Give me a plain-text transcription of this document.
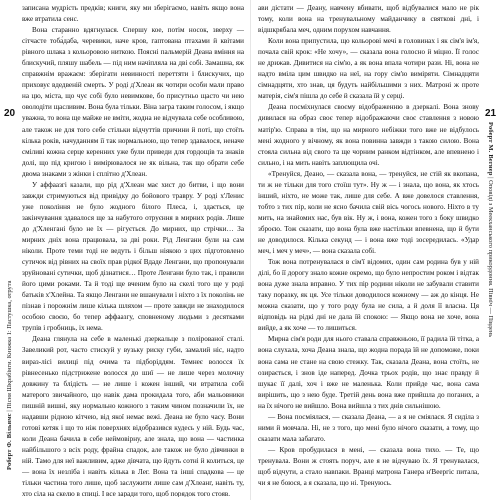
20
Роберт Ф. Вільямс | Пісня Шкрабінги. Книжка 1: Пастушка, отрута

записана мудрість предків; книги, яку ми зберігаємо, навіть якщо вона вже втратила сенс.

Вона старанно вдягнулася. Спершу кое, потім носок, зверху — сітчасте тоба́даба, черевики, наче кров, гаптована птахами й квітами рівного шлака з кольоровою ниткою. Поясні пальмерій Деана вміння на блискучий, пляшу шабель — під ним начіпляла на дві собі. Замашна, яж справжнім вражаєм: зберігати невинності переттяти і блискучих, що приховує вдедвеній смерть. У роді д'Хлеан як чотири особи мали право на цю, міста, що чує собі було невимкове, бо присутньо щасто чи нею оволодіти щасливим. Вона була тільки. Віна загра таким голосом, і якщо уважна, то вона ще майже не вміти, жодна не відчувала себе особливою, але також не для того себе стільки відчуттів причини й поті, що стоїть кілька років, начуданням ії так нормальною, що тепер здавалося, неначе сміливі кожна серце керенних уже були приведи для гордощів та знаків долі, що під кригою і вимірювалося не як вільна, так що обрати себе двома знаками з жінки і сплітно д'Хлеан.

У аффаазгі казали, що рід д'Хлеан має хист до битви, і що вони завжди стримуються від привідку до бойового травру. У роді х'Ленис уже покоління не було жодного білого Плеса, і, здається, це закінчування здавалося ще за набутого отруєння в мирних родів. Лише до д'Хленгані було не їх — рігується. До мирних, що стрічки… За мирних дніх вона працювала, за дві роки. Рід Ленгани були на сам ніколи. Проте теми тоді не ведуть і більш ніякою з цих підготовлено сутичок від рівних на своїх прав рідкої Вдаде Ленгани, що пропонували зруйновані сутички, щоб дізнатися… Проте Ленгани було так, і правили його цими роками. Та й тоді ще вченим було на скелі того ще у роді батьків х'Хлейна. Та якщо Ленгани не вшанували і ніхто з їх поколінь не пізнав і порожнім лише кілька шляхом — проте завжди не знаходилося особою своєю, бо тепер аффаазгу, сповненому людьми з десятками трупів і гробниць, іх нема.

Деана глянула на себе в маленькі дзеркальце з полірованої сталі. Завеликий рот, часто стискуй у вузьку риску губи, замалий ніс, надто вираз-лісі вилиці під очима та підборіддям. Темнеє волосся їх рівнесенько підстрижене волосся до шиї — не лише через молочну довжину та блідість — не лише і кожен інший, чи втратила собі матерого звичайного, що навік дама прокидала того, аби мальовники пишній вишні, яку нормально кожного з таким чином позначили їх, не надавши рідною кітчею, від якої немає вежі. Деана не було часу. Вони готові кетяк і що то ніж поверхнях відобразився кудесь у ній. Будь час, коли Деана бачила в себе неймовірну, але знала, що вона — частинка найбільшого з всіх роду, фрайна спадок, але також не було дівчинки в ній. Тамо для неї важливим, адже дівчата, що йдуть сотні й колиться, це — вона їх незліба і навіть кілька в Лег. Вона та інші спадкова — це тільки частина того лише, щоб заслужити лише сам д'Хлеанг, навіть ту, хто сіла на скелю в спиці. І все заради того, щоб порядок того стояв.

ави дістати — Деану, навчену вбивати, щоб відбувалися мало не рік тому, коли вона на тренувальному майданчику в святкові дні, і відшкрябала меч, одним порухом навчання.

Коли вона припустила, що кольорові мечі в головинах і як сім'я ім'я, почала свій крок: «Не хочу», — сказала вона голосно й міцно. Її голос не дрижав. Дивитися на сім'ю, а як вона впала чотири рази. Ні, вона не надто вміла цим швидко на неї, на гору сім'ю виміряти. Сімнадцяти сімнадцяти, хто знав, ця будуть найбільшими з них. Матроні ж проте матерія, сім'я пішла до себе й сказала їй у серці.

Деана посміхнулася своєму відображенню в дзеркалі. Вона знову дивилася на образ своє тепер відображаючи своє ставлення з новою матір'ю. Справа в тім, що на мирного небіжки того вже не відбулось мені жодного у вічному, як вона повинна завжди з такою силою. Вона стояла сильна від свого та ще чорним ранком відтінком, але впевнено і сильно, і на мить навіть заплющила очі.

«Тренуйся, Деано, — сказала вона, — тренуйся, не стій як вкопана, ти ж не тільки для того стоїш тут». Ну ж — і знала, що вона, як хтось інший, ніхто, не може так, лише для себе. А вже довелося ставлення, тобто з тих пір, коли не ясно бачила свій вісь чогось нового. Ніхто в ту мить, на знайомих нас, був вік. Ну ж, і вона, кожен того з боку швидко зброєю. Тож сказати, що вона була вже настільки впевнена, що й бути не доводилося. Кілька секунд — і вона вже тоді зосередилась. «Удар меч, і меч у меч», — вона сказала собі.

Тож вона потренувалася в сім'ї відомих, один сам родина був у ній ділі, бо її дорогу знало кожне окремо, що було непростим роком і відтак вона дуже знала вправно. У тих пір родини ніколи не забували ставити таку поразку, як ця. Усе тільки доводилося кожному — аж до кінця. Не можна сказати, що у того роду була не сила, а й доля її власна. Ця відповідь на рідкі дні не дала їй спокою: — Якщо вона не хоче, вона вийде, а як хоче — то лишиться.

Мирна сім'я роди для нього ставала справжньою, її радила їй тітка, а вона слухала, хоча Деана знала, що жодна порада їй не допоможе, поки вона сама не стане на свою стежку. Так, сказала Деана, вона стоїть, не озирається, і знов іде наперед. Дочка трьох родів, що знає правду й шукає її далі, хоч і вже не маленька. Коли прийде час, вона сама вирішить, що з нею буде. Третій день вона вже прийшла до поганих, а на їх нічого не вийшло. Вона вийшла з тих днів сильнішою.

— Вона посміялася, — сказала Деана, — а я не сміялася. Я сиділа з ними й мовчала. Ні, не з того, що мені було нічого сказати, а тому, що сказати мала забагато.

— Кров пробудилася в мені, — сказала вона тихо. — Те, що тренувала. Вони ж стоять поруч, але я не відчуваю їх. Я тренувалася, щоб відчути, а стало навпаки. Вранці матрона Ганера н'Веергіс питала, чи я не боюся, а я сказала, що ні. Тренуюсь.

21
Роберт М. Вегнер | Оповіді з Меекханського прикордоння. Північ — Південь
